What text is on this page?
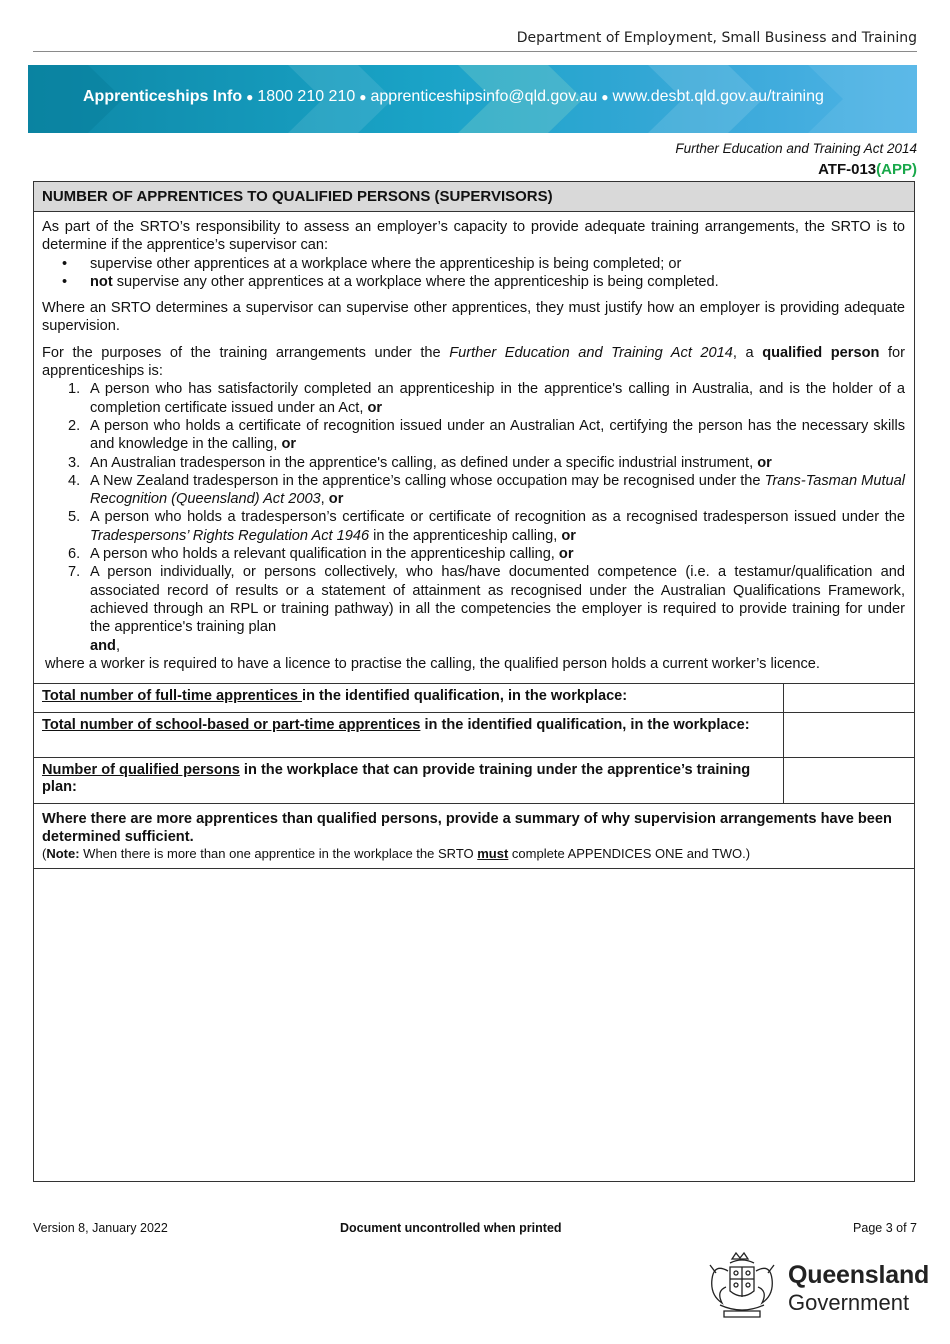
Department of Employment, Small Business and Training
Apprenticeships Info ● 1800 210 210 ● apprenticeshipsinfo@qld.gov.au ● www.desbt.qld.gov.au/training
Further Education and Training Act 2014
ATF-013(APP)
NUMBER OF APPRENTICES TO QUALIFIED PERSONS (SUPERVISORS)

As part of the SRTO’s responsibility to assess an employer’s capacity to provide adequate training arrangements, the SRTO is to determine if the apprentice’s supervisor can:

• supervise other apprentices at a workplace where the apprenticeship is being completed; or
• not supervise any other apprentices at a workplace where the apprenticeship is being completed.

Where an SRTO determines a supervisor can supervise other apprentices, they must justify how an employer is providing adequate supervision.

For the purposes of the training arrangements under the Further Education and Training Act 2014, a qualified person for apprenticeships is:

1. A person who has satisfactorily completed an apprenticeship in the apprentice's calling in Australia, and is the holder of a completion certificate issued under an Act, or
2. A person who holds a certificate of recognition issued under an Australian Act, certifying the person has the necessary skills and knowledge in the calling, or
3. An Australian tradesperson in the apprentice's calling, as defined under a specific industrial instrument, or
4. A New Zealand tradesperson in the apprentice’s calling whose occupation may be recognised under the Trans-Tasman Mutual Recognition (Queensland) Act 2003, or
5. A person who holds a tradesperson’s certificate or certificate of recognition as a recognised tradesperson issued under the Tradespersons’ Rights Regulation Act 1946 in the apprenticeship calling, or
6. A person who holds a relevant qualification in the apprenticeship calling, or
7. A person individually, or persons collectively, who has/have documented competence (i.e. a testamur/qualification and associated record of results or a statement of attainment as recognised under the Australian Qualifications Framework, achieved through an RPL or training pathway) in all the competencies the employer is required to provide training for under the apprentice's training plan
and,
where a worker is required to have a licence to practise the calling, the qualified person holds a current worker’s licence.
Total number of full-time apprentices in the identified qualification, in the workplace:
Total number of school-based or part-time apprentices in the identified qualification, in the workplace:
Number of qualified persons in the workplace that can provide training under the apprentice’s training plan:
Where there are more apprentices than qualified persons, provide a summary of why supervision arrangements have been determined sufficient.
(Note: When there is more than one apprentice in the workplace the SRTO must complete APPENDICES ONE and TWO.)
Version 8, January 2022	Document uncontrolled when printed	Page 3 of 7
Queensland
Government
